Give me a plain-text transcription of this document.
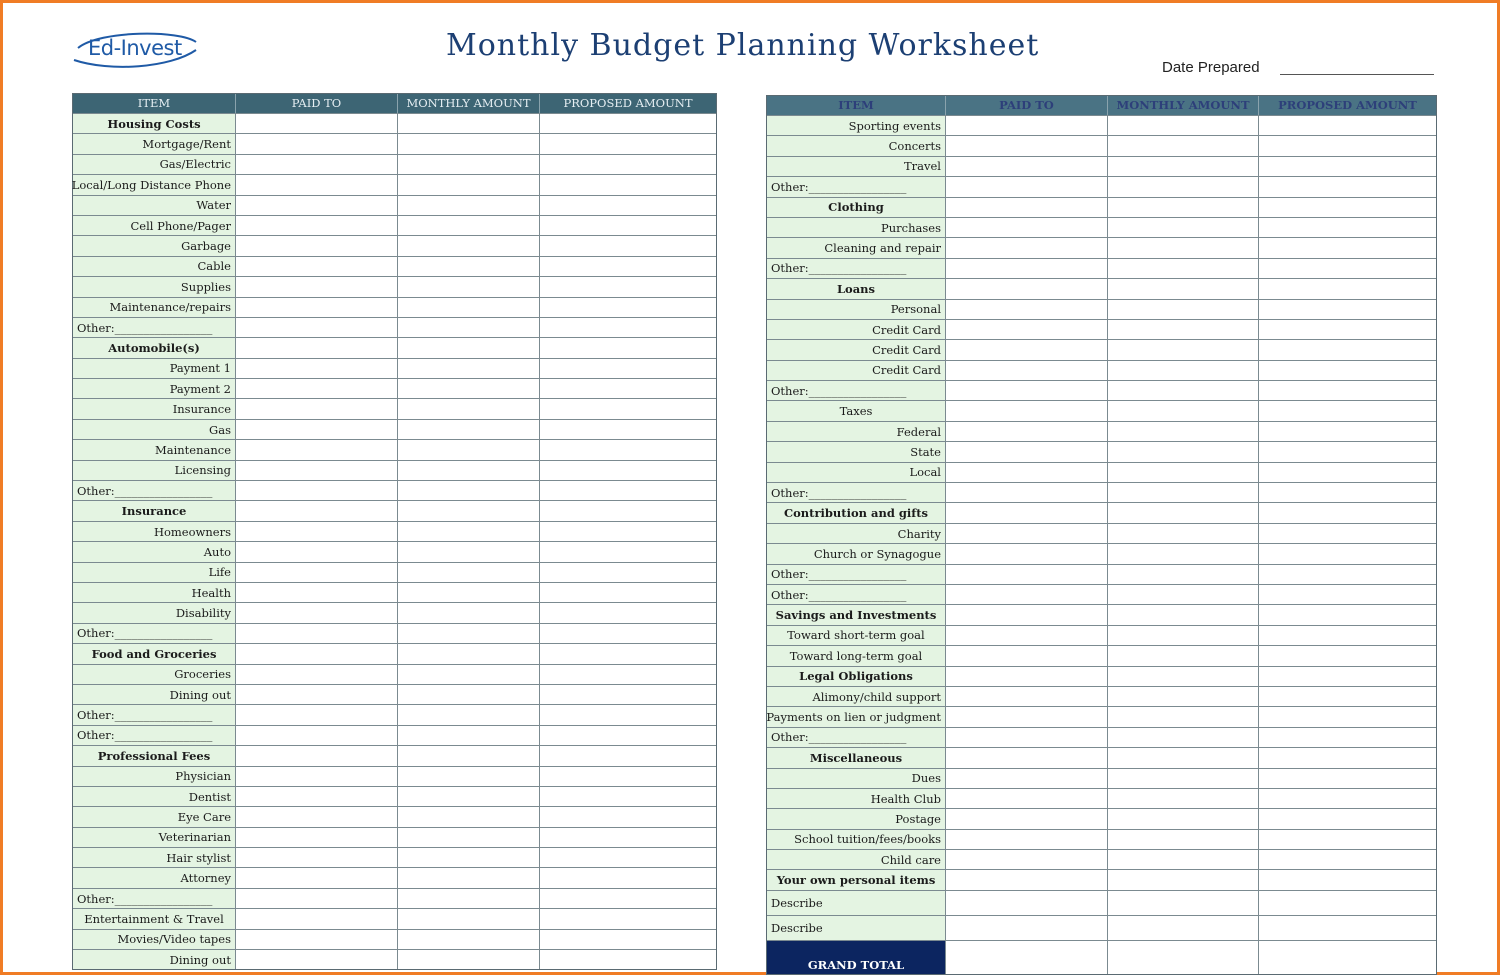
Ed-Invest	Monthly Budget Planning Worksheet
Date Prepared
ITEM	PAID TO	MONTHLY AMOUNT	PROPOSED AMOUNT
Housing Costs
Mortgage/Rent
Gas/Electric
Local/Long Distance Phone
Water
Cell Phone/Pager
Garbage
Cable
Supplies
Maintenance/repairs
Other:_________________
Automobile(s)
Payment 1
Payment 2
Insurance
Gas
Maintenance
Licensing
Other:_________________
Insurance
Homeowners
Auto
Life
Health
Disability
Other:_________________
Food and Groceries
Groceries
Dining out
Other:_________________
Other:_________________
Professional Fees
Physician
Dentist
Eye Care
Veterinarian
Hair stylist
Attorney
Other:_________________
Entertainment & Travel
Movies/Video tapes
Dining out
ITEM	PAID TO	MONTHLY AMOUNT	PROPOSED AMOUNT
Sporting events
Concerts
Travel
Other:_________________
Clothing
Purchases
Cleaning and repair
Other:_________________
Loans
Personal
Credit Card
Credit Card
Credit Card
Other:_________________
Taxes
Federal
State
Local
Other:_________________
Contribution and gifts
Charity
Church or Synagogue
Other:_________________
Other:_________________
Savings and Investments
Toward short-term goal
Toward long-term goal
Legal Obligations
Alimony/child support
Payments on lien or judgment
Other:_________________
Miscellaneous
Dues
Health Club
Postage
School tuition/fees/books
Child care
Your own personal items
Describe
Describe
GRAND TOTAL
